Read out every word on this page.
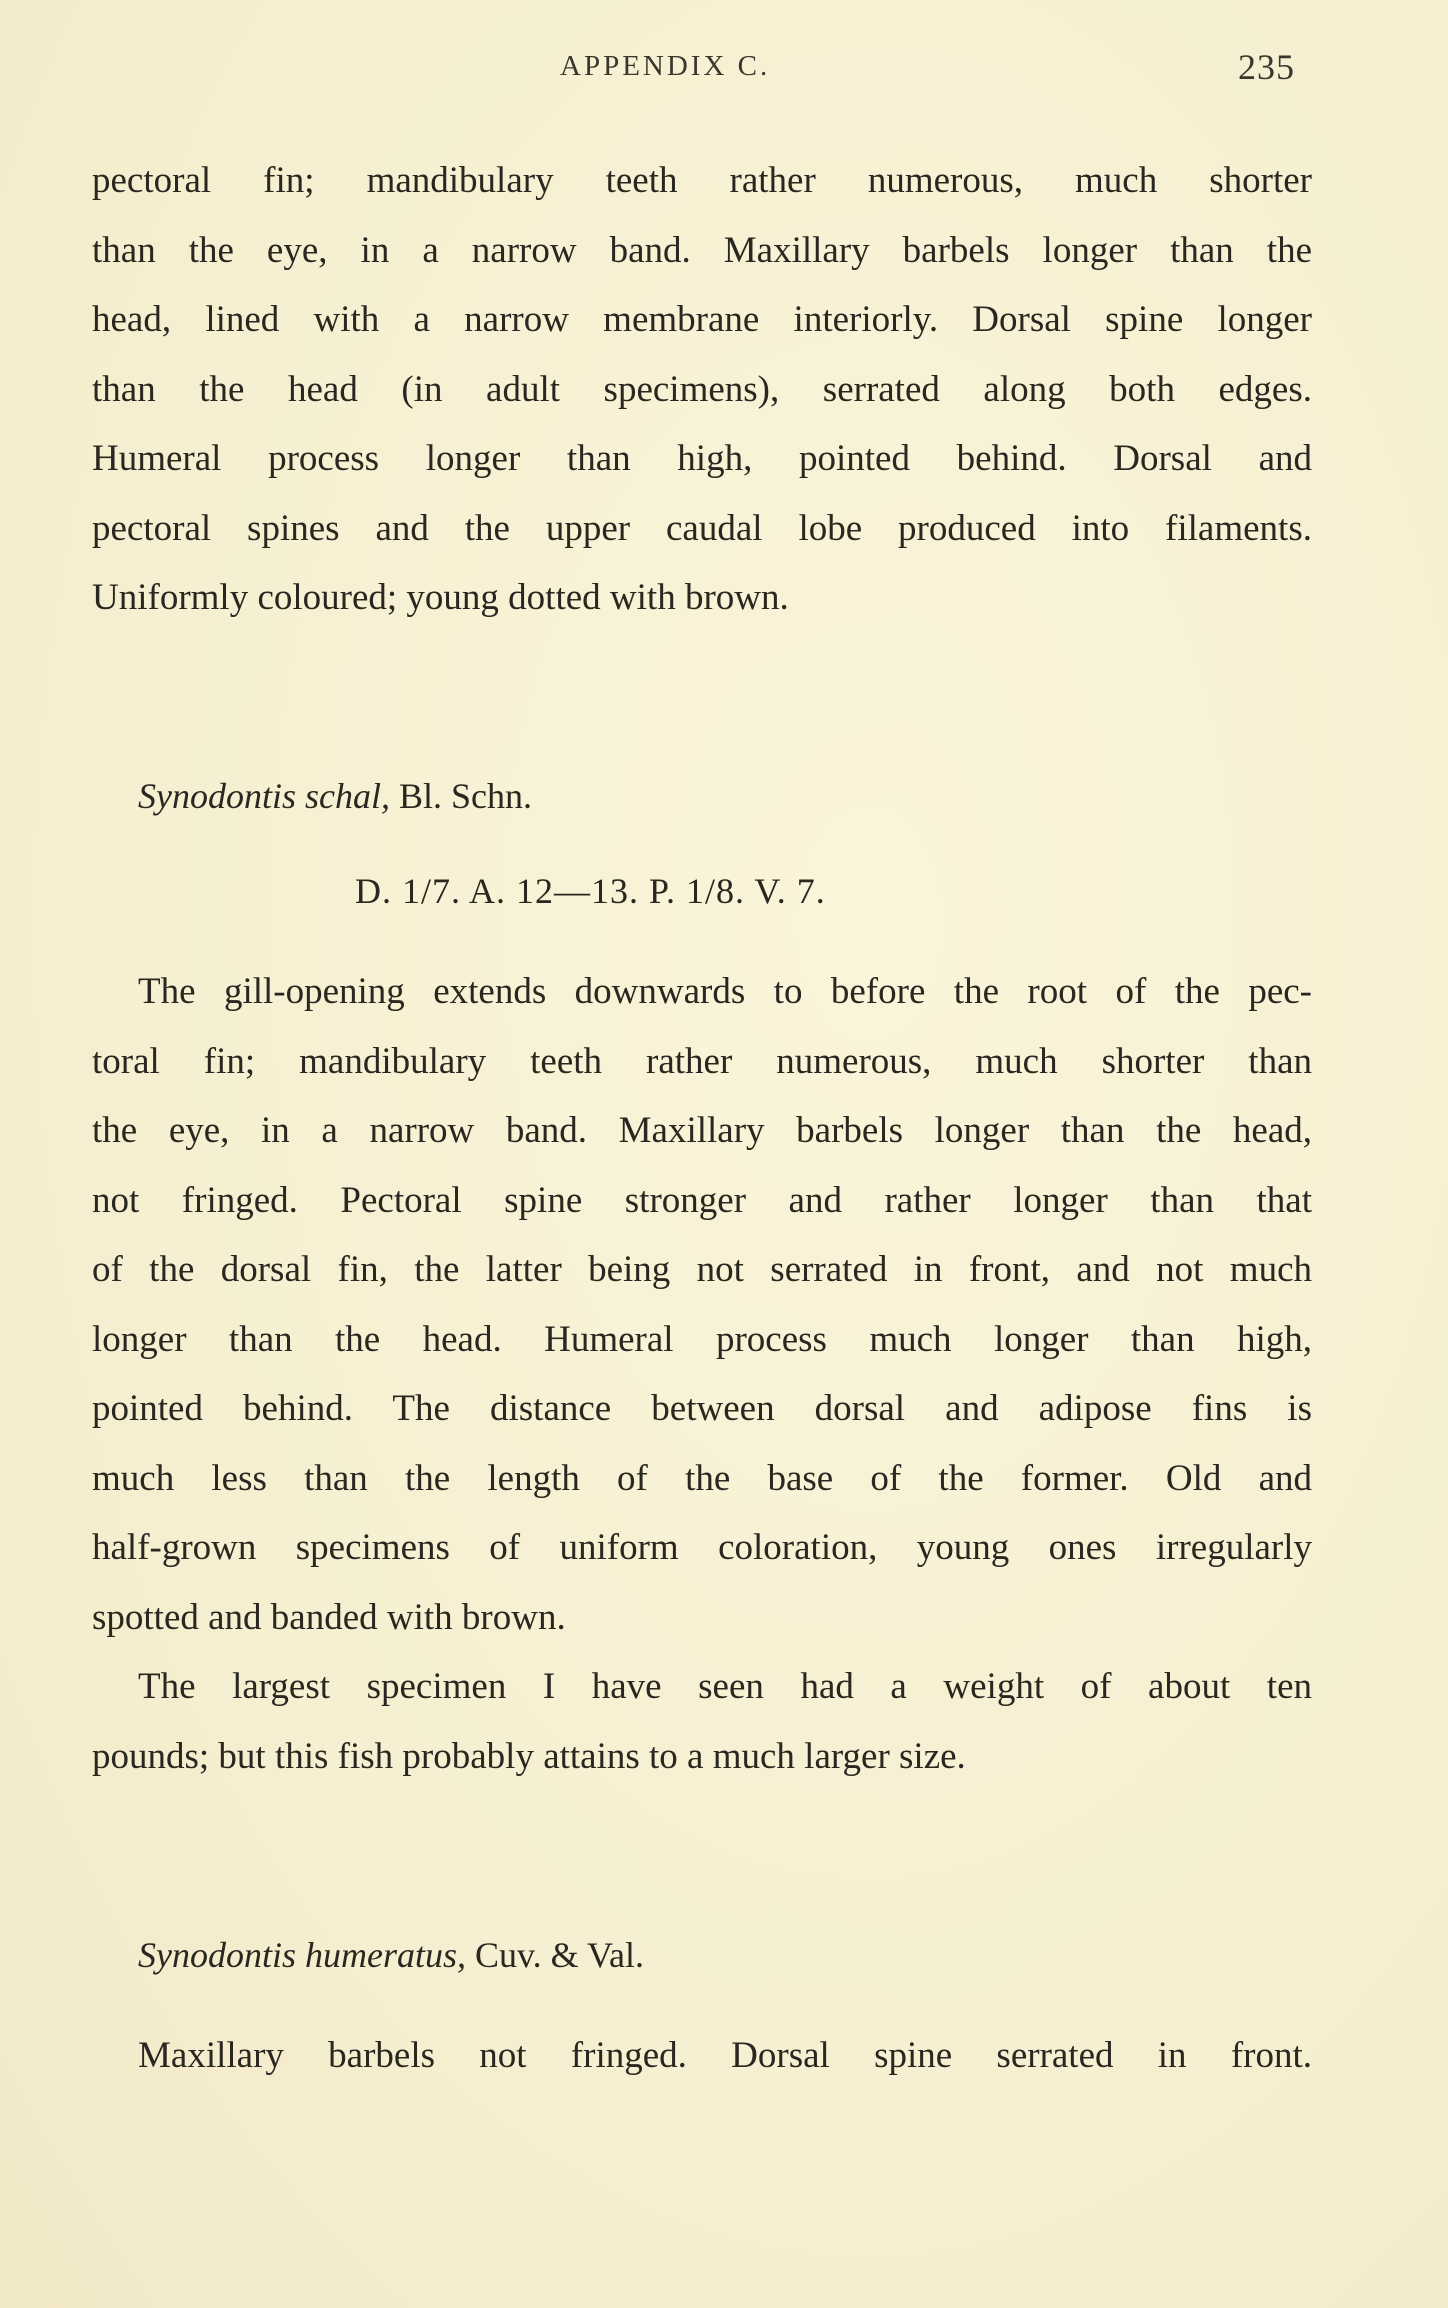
APPENDIX C.	235
pectoral fin; mandibulary teeth rather numerous, much shorter
than the eye, in a narrow band. Maxillary barbels longer than the
head, lined with a narrow membrane interiorly. Dorsal spine longer
than the head (in adult specimens), serrated along both edges.
Humeral process longer than high, pointed behind. Dorsal and
pectoral spines and the upper caudal lobe produced into filaments.
Uniformly coloured; young dotted with brown.
Synodontis schal, Bl. Schn.
D. 1/7. A. 12—13. P. 1/8. V. 7.
The gill-opening extends downwards to before the root of the pec-
toral fin; mandibulary teeth rather numerous, much shorter than
the eye, in a narrow band. Maxillary barbels longer than the head,
not fringed. Pectoral spine stronger and rather longer than that
of the dorsal fin, the latter being not serrated in front, and not much
longer than the head. Humeral process much longer than high,
pointed behind. The distance between dorsal and adipose fins is
much less than the length of the base of the former. Old and
half-grown specimens of uniform coloration, young ones irregularly
spotted and banded with brown.
The largest specimen I have seen had a weight of about ten
pounds; but this fish probably attains to a much larger size.
Synodontis humeratus, Cuv. & Val.
Maxillary barbels not fringed. Dorsal spine serrated in front.
